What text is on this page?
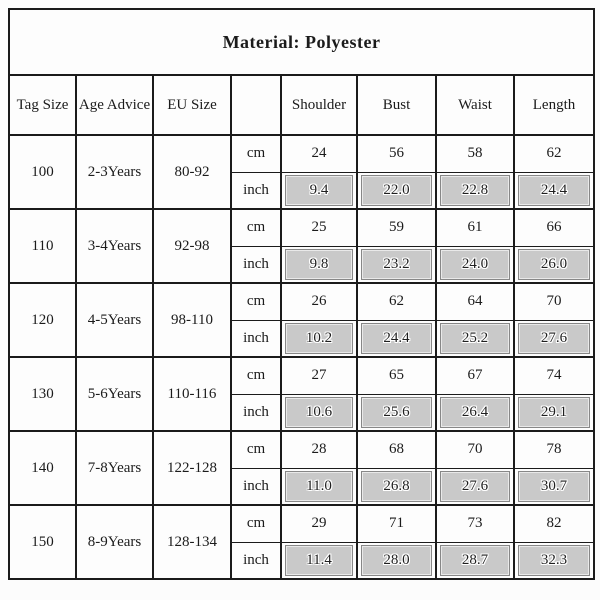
Material: Polyester							
Tag Size	Age Advice	EU Size		Shoulder	Bust	Waist	Length
100	2-3Years	80-92	cm	24	56	58	62
			inch	9.4	22.0	22.8	24.4

110	3-4Years	92-98	cm	25	59	61	66
			inch	9.8	23.2	24.0	26.0

120	4-5Years	98-110	cm	26	62	64	70
			inch	10.2	24.4	25.2	27.6

130	5-6Years	110-116	cm	27	65	67	74
			inch	10.6	25.6	26.4	29.1

140	7-8Years	122-128	cm	28	68	70	78
			inch	11.0	26.8	27.6	30.7

150	8-9Years	128-134	cm	29	71	73	82
			inch	11.4	28.0	28.7	32.3
